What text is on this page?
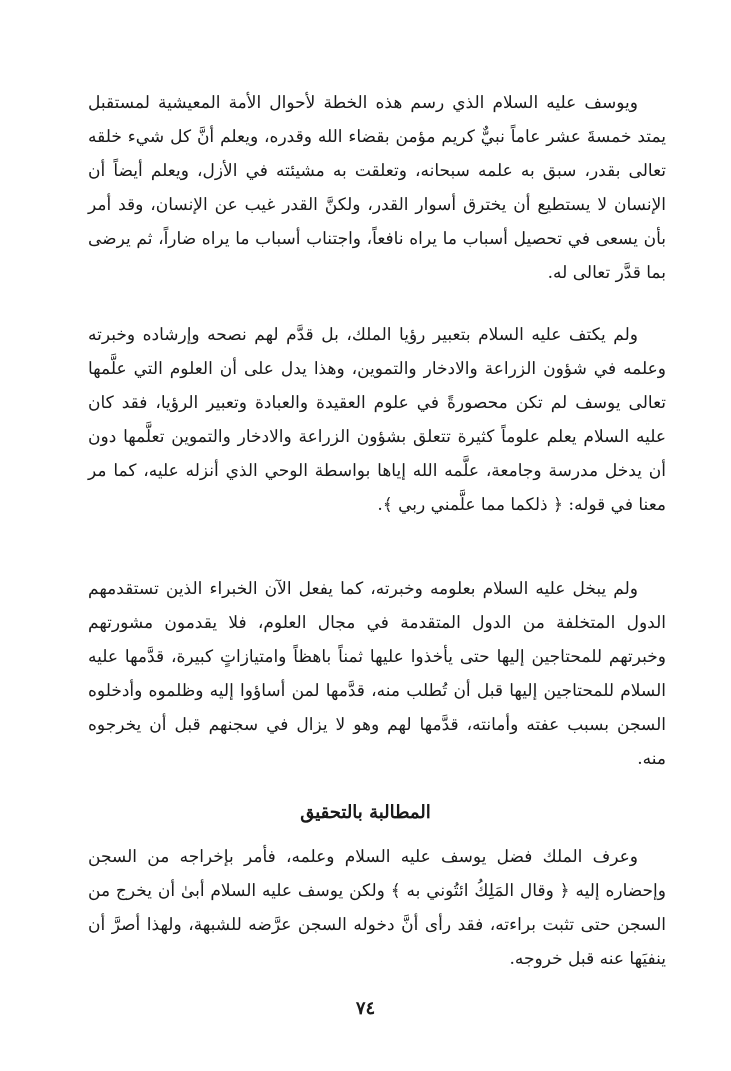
ويوسف عليه السلام الذي رسم هذه الخطة لأحوال الأمة المعيشية لمستقبل يمتد خمسةَ عشر عاماً نبيٌّ كريم مؤمن بقضاء الله وقدره، ويعلم أنَّ كل شيء خلقه تعالى بقدر، سبق به علمه سبحانه، وتعلقت به مشيئته في الأزل، ويعلم أيضاً أن الإنسان لا يستطيع أن يخترق أسوار القدر، ولكنَّ القدر غيب عن الإنسان، وقد أمر بأن يسعى في تحصيل أسباب ما يراه نافعاً، واجتناب أسباب ما يراه ضاراً، ثم يرضى بما قدَّر تعالى له.

ولم يكتف عليه السلام بتعبير رؤيا الملك، بل قدَّم لهم نصحه وإرشاده وخبرته وعلمه في شؤون الزراعة والادخار والتموين، وهذا يدل على أن العلوم التي علَّمها تعالى يوسف لم تكن محصورةً في علوم العقيدة والعبادة وتعبير الرؤيا، فقد كان عليه السلام يعلم علوماً كثيرة تتعلق بشؤون الزراعة والادخار والتموين تعلَّمها دون أن يدخل مدرسة وجامعة، علَّمه الله إياها بواسطة الوحي الذي أنزله عليه، كما مر معنا في قوله: ﴿ ذلكما مما علَّمني ربي ﴾.

ولم يبخل عليه السلام بعلومه وخبرته، كما يفعل الآن الخبراء الذين تستقدمهم الدول المتخلفة من الدول المتقدمة في مجال العلوم، فلا يقدمون مشورتهم وخبرتهم للمحتاجين إليها حتى يأخذوا عليها ثمناً باهظاً وامتيازاتٍ كبيرة، قدَّمها عليه السلام للمحتاجين إليها قبل أن تُطلب منه، قدَّمها لمن أساؤوا إليه وظلموه وأدخلوه السجن بسبب عفته وأمانته، قدَّمها لهم وهو لا يزال في سجنهم قبل أن يخرجوه منه.

المطالبة بالتحقيق

وعرف الملك فضل يوسف عليه السلام وعلمه، فأمر بإخراجه من السجن وإحضاره إليه ﴿ وقال المَلِكُ ائتُوني به ﴾ ولكن يوسف عليه السلام أبىٰ أن يخرج من السجن حتى تثبت براءته، فقد رأى أنَّ دخوله السجن عرَّضه للشبهة، ولهذا أصرَّ أن ينفيَها عنه قبل خروجه.

٧٤
